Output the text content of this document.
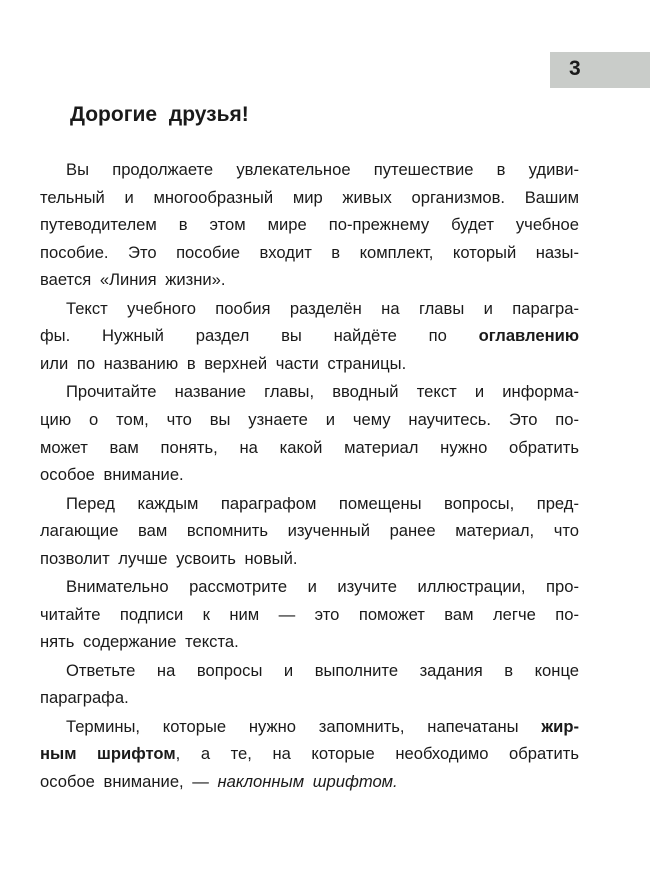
3
Дорогие друзья!
Вы продолжаете увлекательное путешествие в удиви-
тельный и многообразный мир живых организмов. Вашим
путеводителем в этом мире по-прежнему будет учебное
пособие. Это пособие входит в комплект, который назы-
вается «Линия жизни».
Текст учебного пообия разделён на главы и паpагра-
фы. Нужный раздел вы найдёте по оглавлению
или по названию в верхней части страницы.
Прочитайте название главы, вводный текст и информа-
цию о том, что вы узнаете и чему научитесь. Это по-
может вам понять, на какой материал нужно обратить
особое внимание.
Перед каждым параграфом помещены вопросы, пред-
лагающие вам вспомнить изученный ранее материал, что
позволит лучше усвоить новый.
Внимательно рассмотрите и изучите иллюстрации, про-
читайте подписи к ним — это поможет вам легче по-
нять содержание текста.
Ответьте на вопросы и выполните задания в конце
параграфа.
Термины, которые нужно запомнить, напечатаны жир-
ным шрифтом, а те, на которые необходимо обратить
особое внимание, — наклонным шрифтом.
